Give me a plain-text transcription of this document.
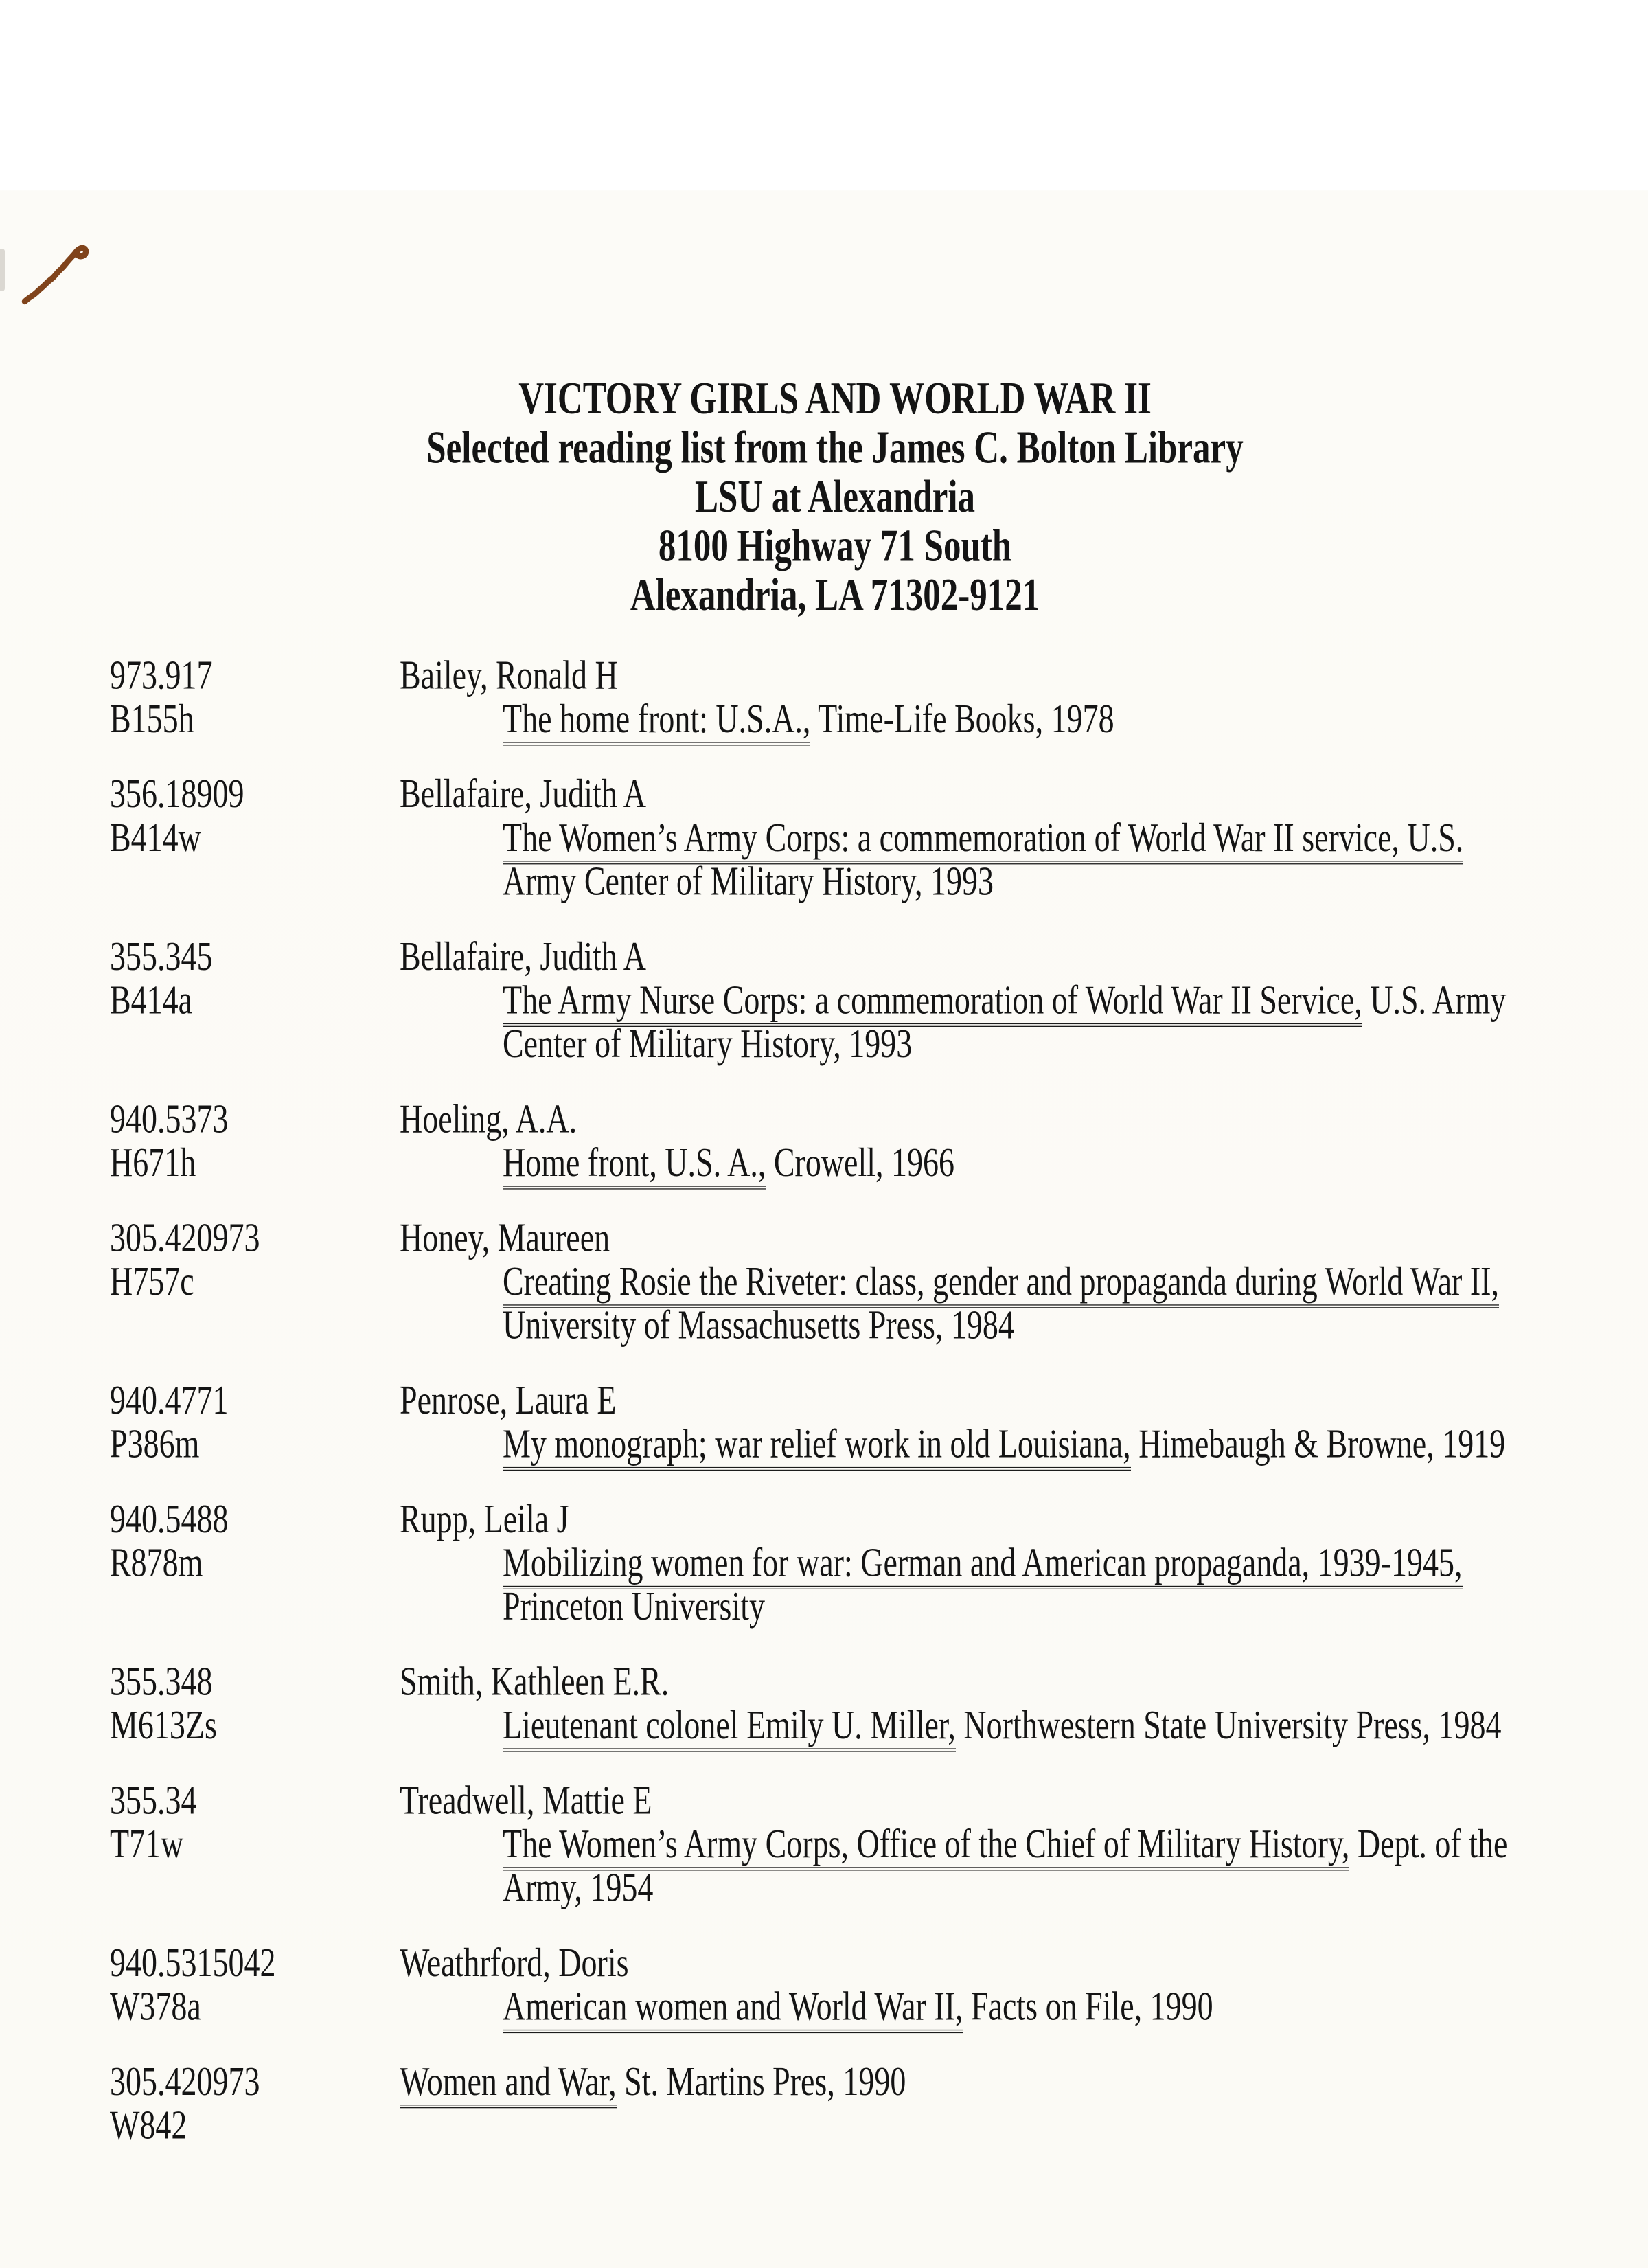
VICTORY GIRLS AND WORLD WAR II
Selected reading list from the James C. Bolton Library
LSU at Alexandria
8100 Highway 71 South
Alexandria, LA 71302-9121
973.917
B155h
Bailey, Ronald H
The home front: U.S.A., Time-Life Books, 1978
356.18909
B414w
Bellafaire, Judith A
The Women’s Army Corps: a commemoration of World War II service, U.S.
Army Center of Military History, 1993
355.345
B414a
Bellafaire, Judith A
The Army Nurse Corps: a commemoration of World War II Service, U.S. Army
Center of Military History, 1993
940.5373
H671h
Hoeling, A.A.
Home front, U.S. A., Crowell, 1966
305.420973
H757c
Honey, Maureen
Creating Rosie the Riveter: class, gender and propaganda during World War II,
University of Massachusetts Press, 1984
940.4771
P386m
Penrose, Laura E
My monograph; war relief work in old Louisiana, Himebaugh & Browne, 1919
940.5488
R878m
Rupp, Leila J
Mobilizing women for war: German and American propaganda, 1939-1945,
Princeton University
355.348
M613Zs
Smith, Kathleen E.R.
Lieutenant colonel Emily U. Miller, Northwestern State University Press, 1984
355.34
T71w
Treadwell, Mattie E
The Women’s Army Corps, Office of the Chief of Military History, Dept. of the
Army, 1954
940.5315042
W378a
Weathrford, Doris
American women and World War II, Facts on File, 1990
305.420973
W842
Women and War, St. Martins Pres, 1990
